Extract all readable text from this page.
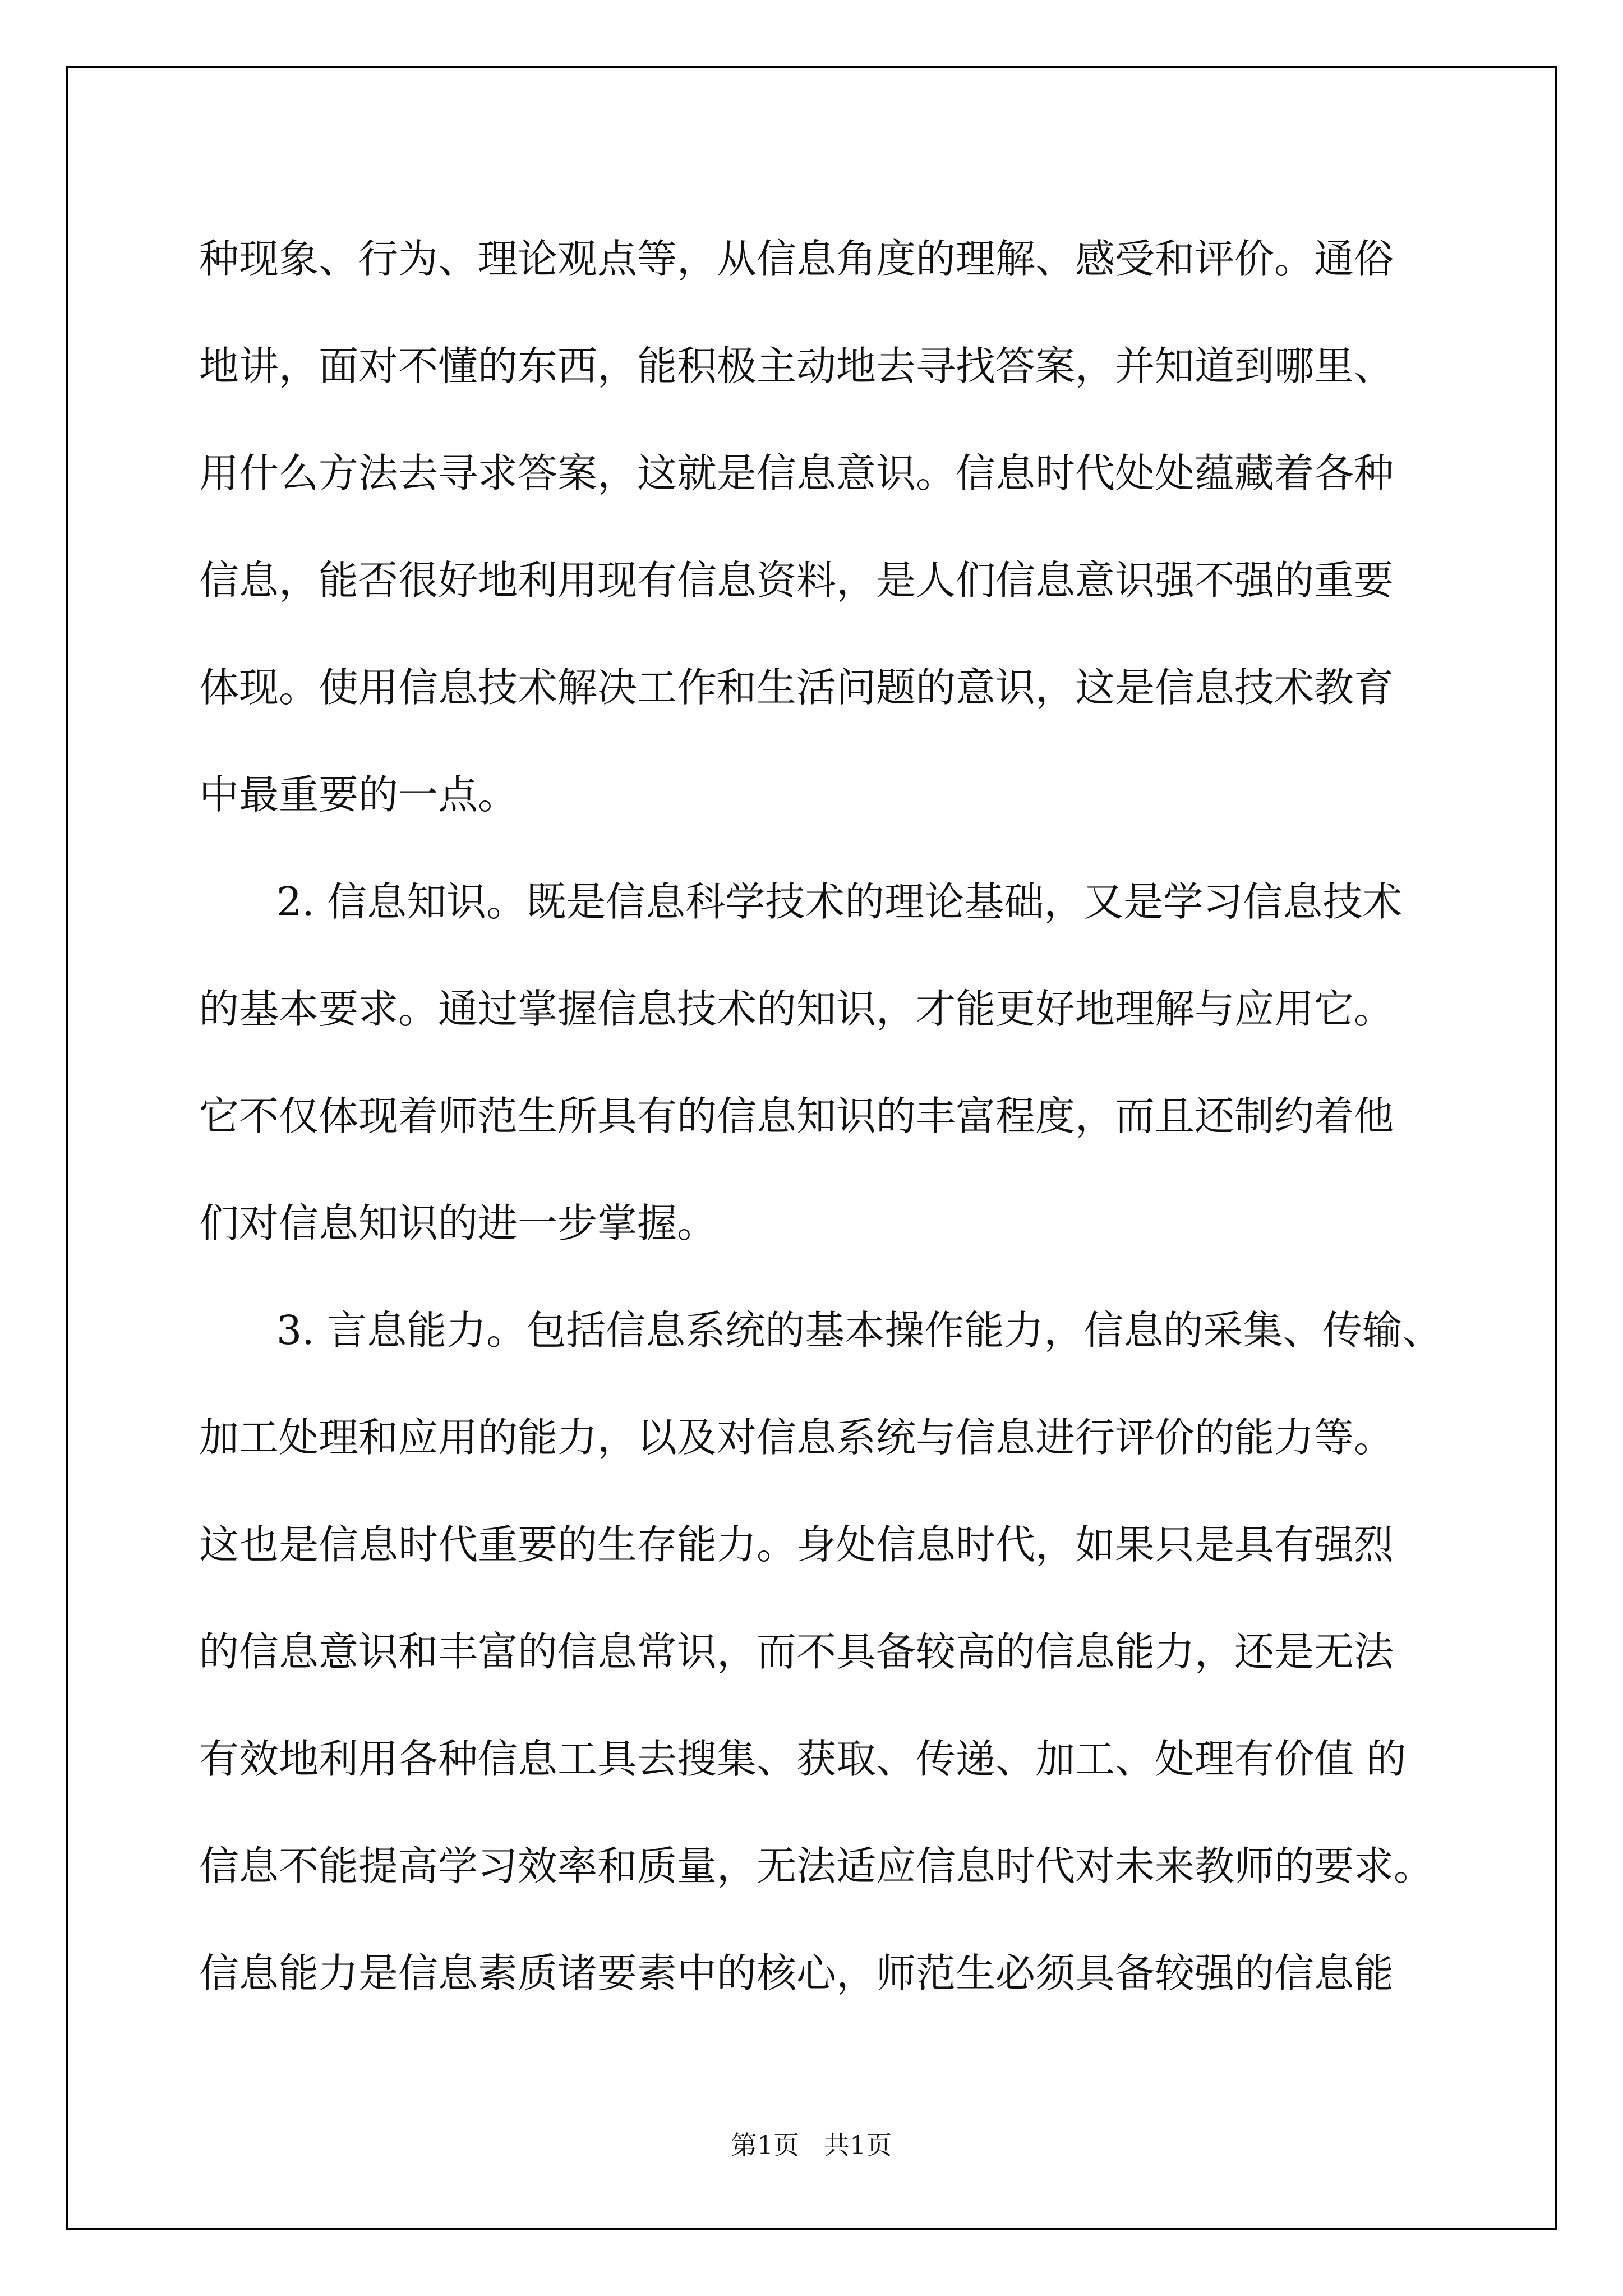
种现象、行为、理论观点等，从信息角度的理解、感受和评价。通俗
地讲，面对不懂的东西，能积极主动地去寻找答案，并知道到哪里、
用什么方法去寻求答案，这就是信息意识。信息时代处处蕴藏着各种
信息，能否很好地利用现有信息资料，是人们信息意识强不强的重要
体现。使用信息技术解决工作和生活问题的意识，这是信息技术教育
中最重要的一点。
2. 信息知识。既是信息科学技术的理论基础，又是学习信息技术
的基本要求。通过掌握信息技术的知识，才能更好地理解与应用它。
它不仅体现着师范生所具有的信息知识的丰富程度，而且还制约着他
们对信息知识的进一步掌握。
3. 言息能力。包括信息系统的基本操作能力，信息的采集、传输、
加工处理和应用的能力，以及对信息系统与信息进行评价的能力等。
这也是信息时代重要的生存能力。身处信息时代，如果只是具有强烈
的信息意识和丰富的信息常识，而不具备较高的信息能力，还是无法
有效地利用各种信息工具去搜集、获取、传递、加工、处理有价值 的
信息不能提高学习效率和质量，无法适应信息时代对未来教师的要求。
信息能力是信息素质诸要素中的核心，师范生必须具备较强的信息能
第1页 共1页
